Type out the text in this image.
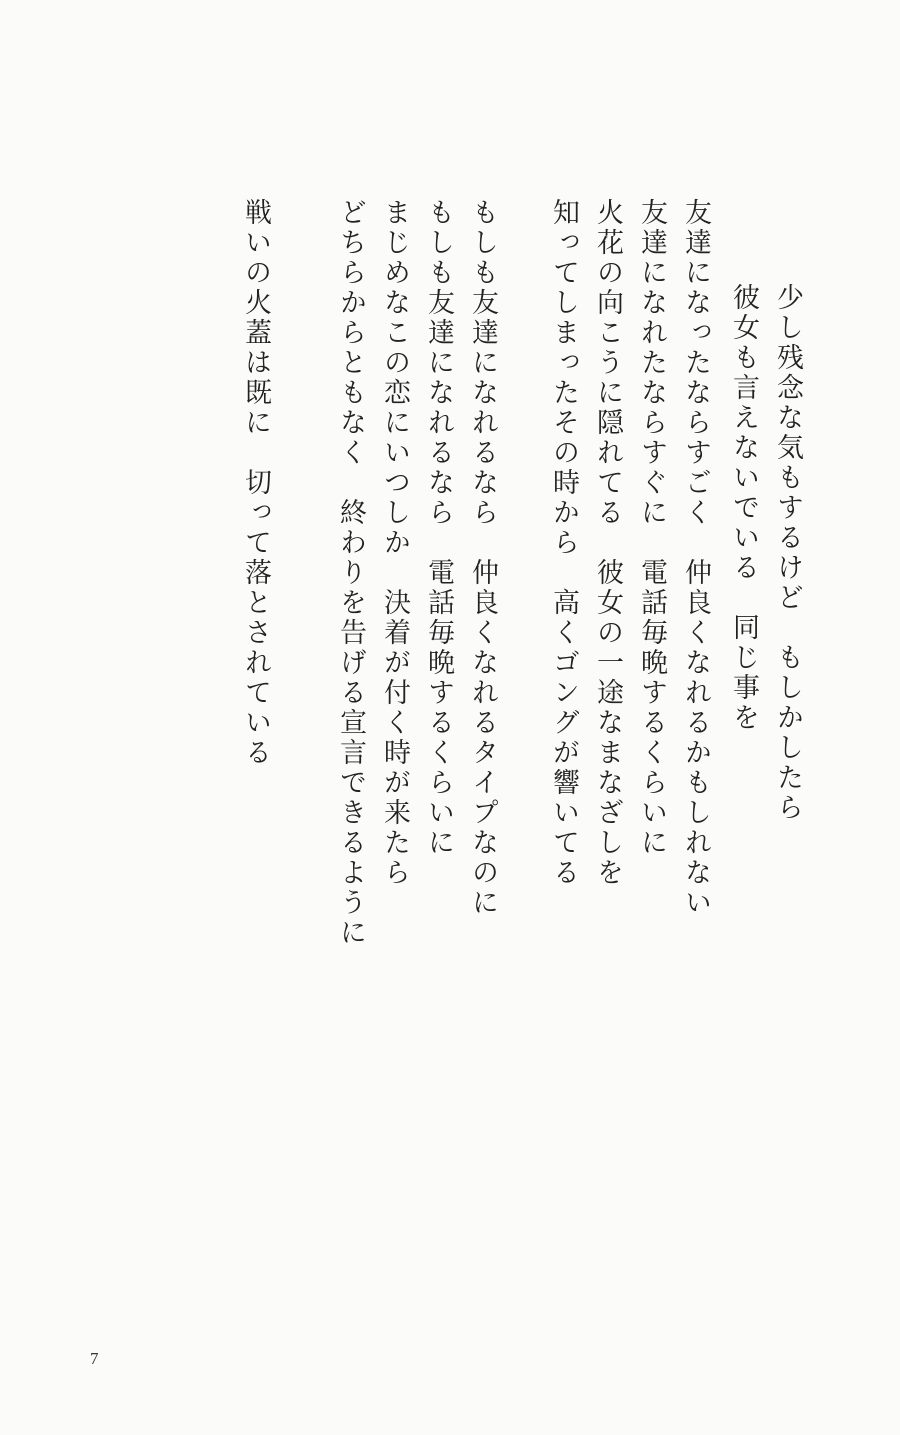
少し残念な気もするけど　もしかしたら
彼女も言えないでいる　同じ事を
友達になったならすごく　仲良くなれるかもしれない
友達になれたならすぐに　電話毎晩するくらいに
火花の向こうに隠れてる　彼女の一途なまなざしを
知ってしまったその時から　高くゴングが響いてる
もしも友達になれるなら　仲良くなれるタイプなのに
もしも友達になれるなら　電話毎晩するくらいに
まじめなこの恋にいつしか　決着が付く時が来たら
どちらからともなく　終わりを告げる宣言できるように
戦いの火蓋は既に　切って落とされている
7
